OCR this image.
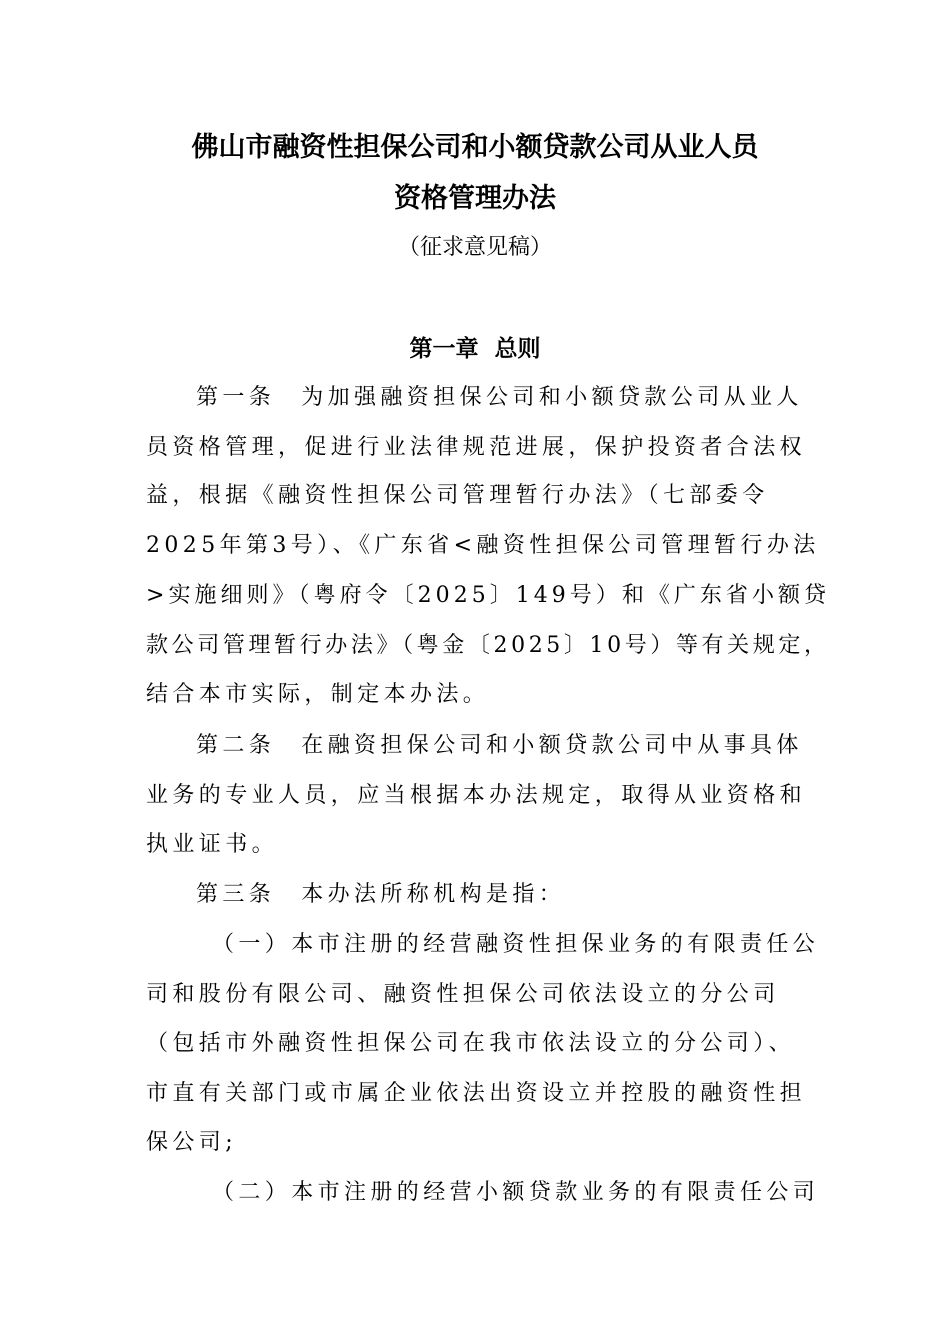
佛山市融资性担保公司和小额贷款公司从业人员
资格管理办法
（征求意见稿）
第一章  总则
第一条 为加强融资担保公司和小额贷款公司从业人
员资格管理，促进行业法律规范进展，保护投资者合法权
益，根据《融资性担保公司管理暂行办法》（七部委令
2025年第3号）、《广东省<融资性担保公司管理暂行办法
>实施细则》（粤府令〔2025〕149号）和《广东省小额贷
款公司管理暂行办法》（粤金〔2025〕10号）等有关规定，
结合本市实际，制定本办法。
第二条 在融资担保公司和小额贷款公司中从事具体
业务的专业人员，应当根据本办法规定，取得从业资格和
执业证书。
第三条 本办法所称机构是指：
（一）本市注册的经营融资性担保业务的有限责任公
司和股份有限公司、融资性担保公司依法设立的分公司
（包括市外融资性担保公司在我市依法设立的分公司）、
市直有关部门或市属企业依法出资设立并控股的融资性担
保公司;
（二）本市注册的经营小额贷款业务的有限责任公司
